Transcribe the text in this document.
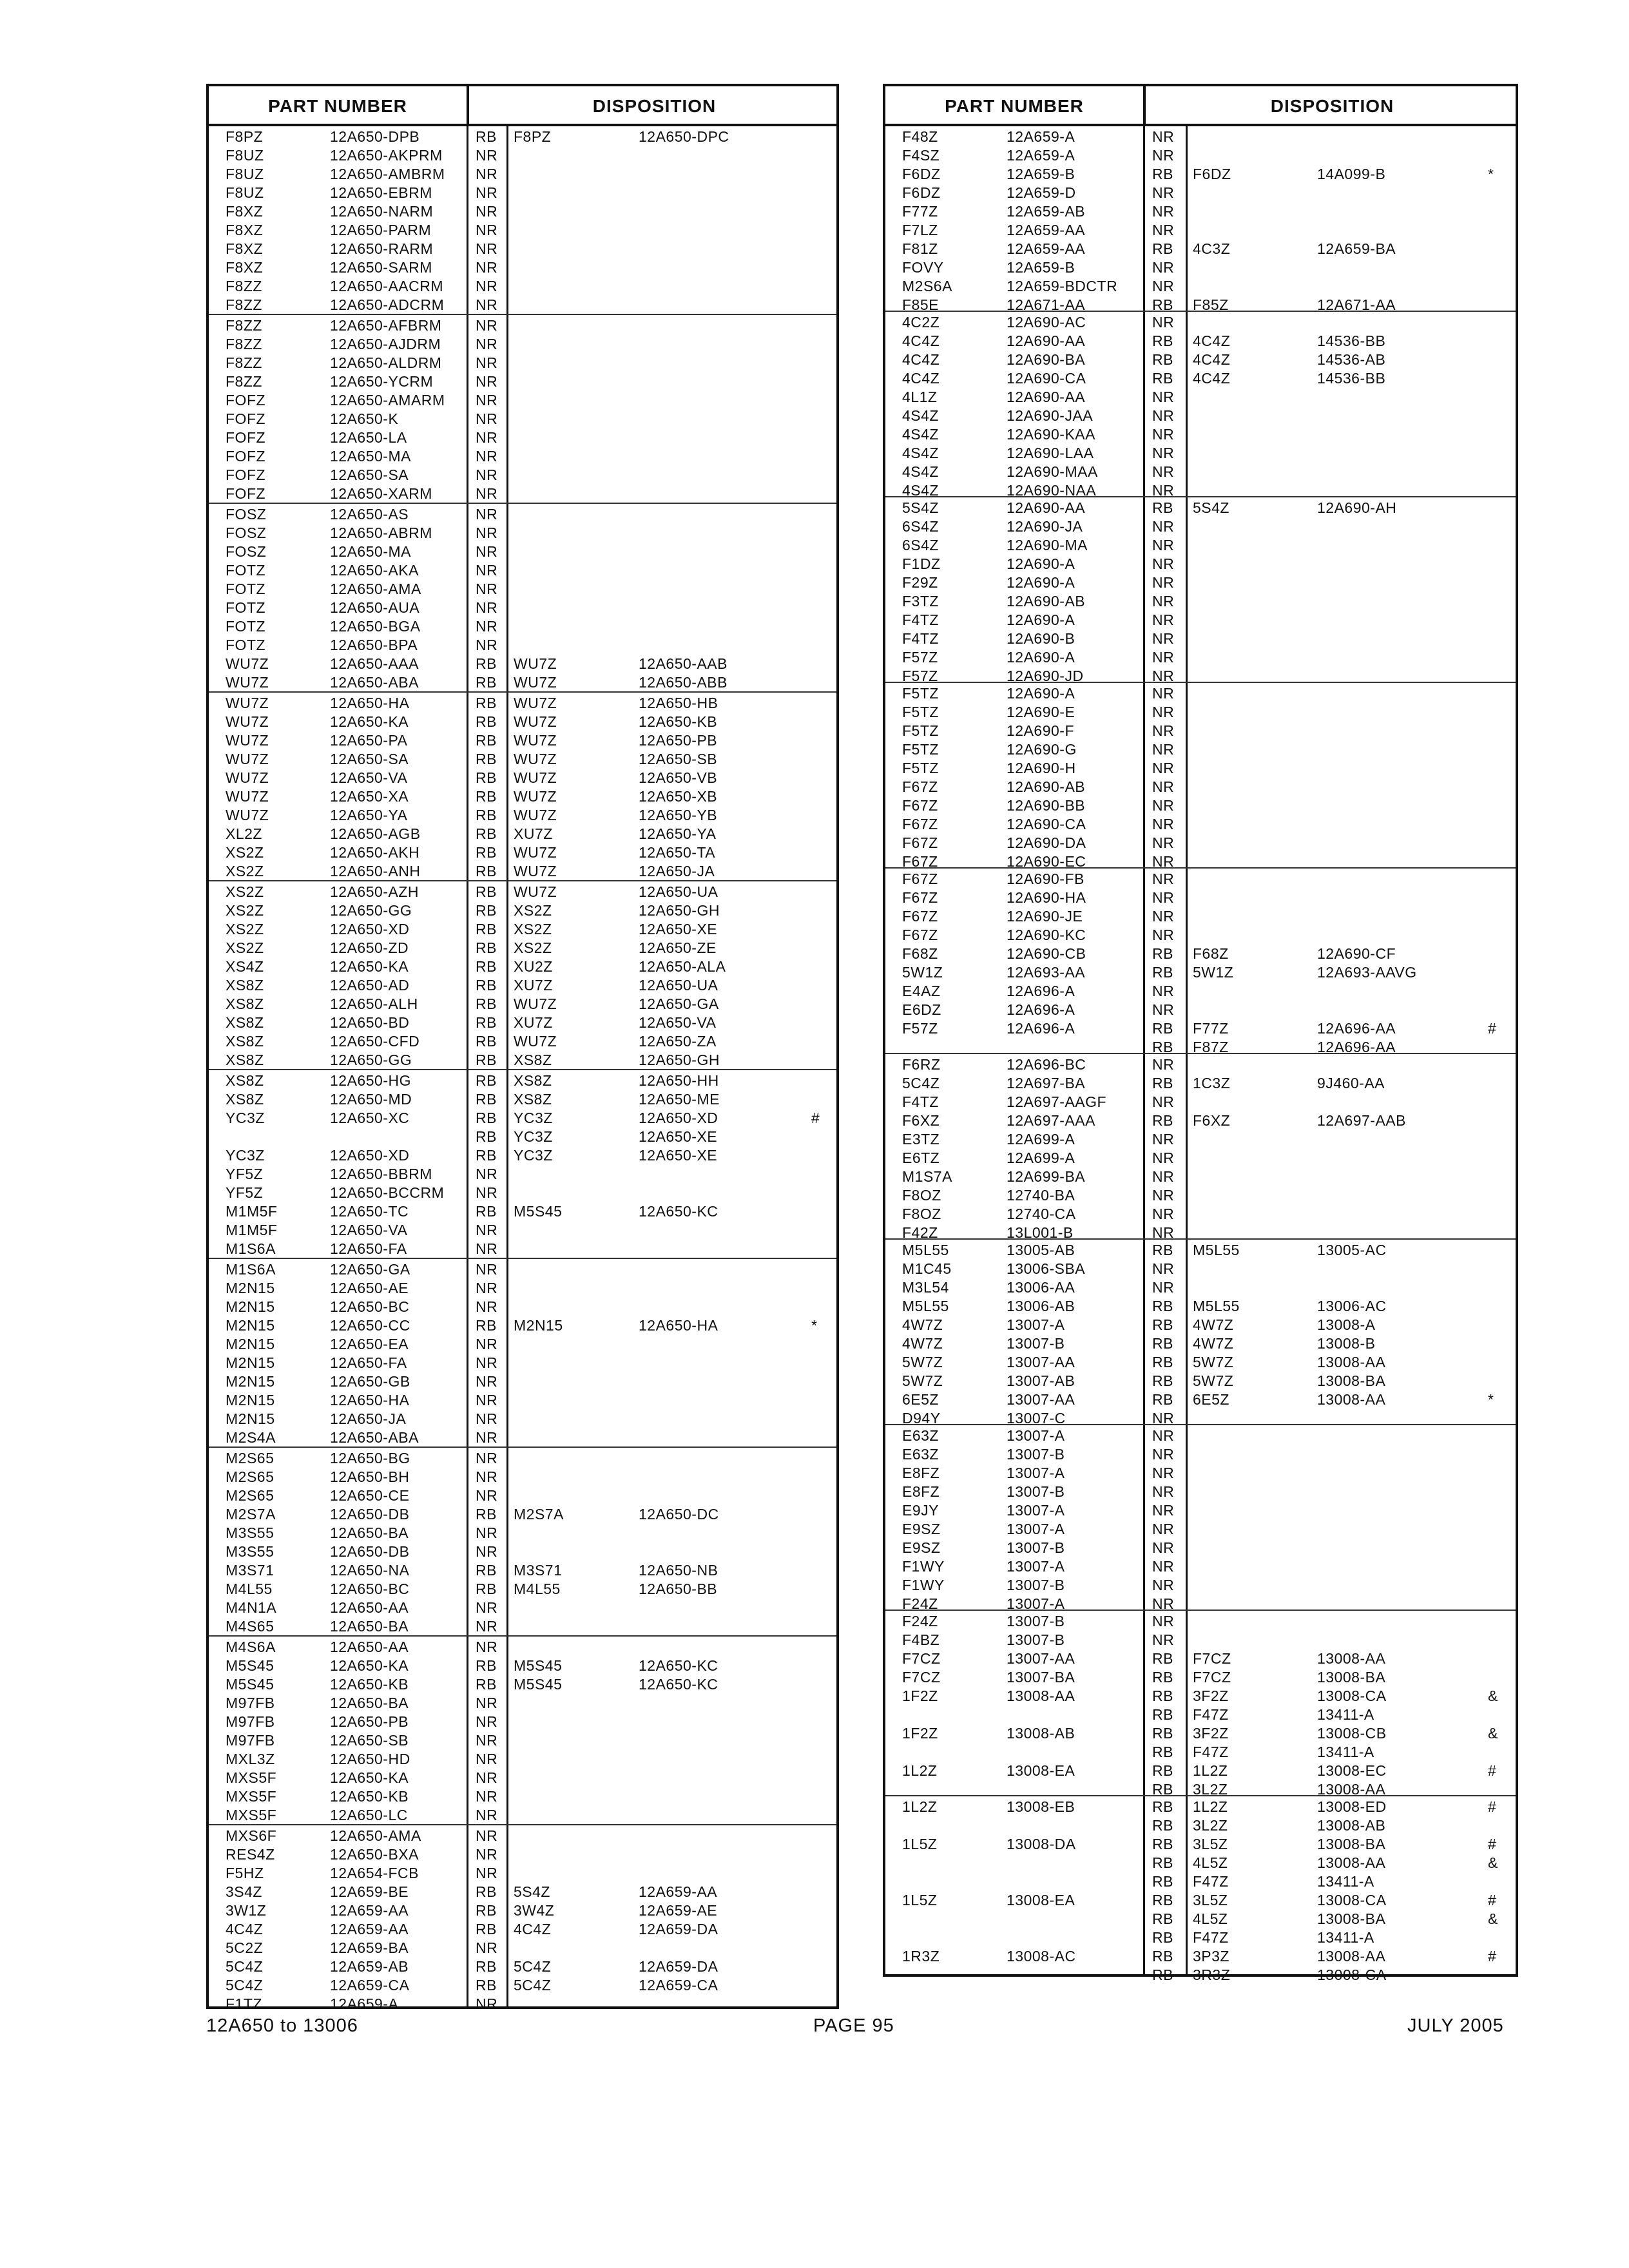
PART NUMBER	DISPOSITION
F8PZ	12A650-DPB	RB F8PZ	12A650-DPC
F8UZ	12A650-AKPRM NR
F8UZ	12A650-AMBRM NR
F8UZ	12A650-EBRM	NR
F8XZ	12A650-NARM	NR
F8XZ	12A650-PARM	NR
F8XZ	12A650-RARM	NR
F8XZ	12A650-SARM	NR
F8ZZ	12A650-AACRM NR
F8ZZ	12A650-ADCRM NR
F8ZZ	12A650-AFBRM NR
F8ZZ	12A650-AJDRM NR
F8ZZ	12A650-ALDRM NR
F8ZZ	12A650-YCRM	NR
FOFZ	12A650-AMARM NR
FOFZ	12A650-K	NR
FOFZ	12A650-LA	NR
FOFZ	12A650-MA	NR
FOFZ	12A650-SA	NR
FOFZ	12A650-XARM	NR
FOSZ	12A650-AS	NR
FOSZ	12A650-ABRM	NR
FOSZ	12A650-MA	NR
FOTZ	12A650-AKA	NR
FOTZ	12A650-AMA	NR
FOTZ	12A650-AUA	NR
FOTZ	12A650-BGA	NR
FOTZ	12A650-BPA	NR
WU7Z	12A650-AAA	RB WU7Z	12A650-AAB
WU7Z	12A650-ABA	RB WU7Z	12A650-ABB
WU7Z	12A650-HA	RB WU7Z	12A650-HB
WU7Z	12A650-KA	RB WU7Z	12A650-KB
WU7Z	12A650-PA	RB WU7Z	12A650-PB
WU7Z	12A650-SA	RB WU7Z	12A650-SB
WU7Z	12A650-VA	RB WU7Z	12A650-VB
WU7Z	12A650-XA	RB WU7Z	12A650-XB
WU7Z	12A650-YA	RB WU7Z	12A650-YB
XL2Z	12A650-AGB	RB XU7Z	12A650-YA
XS2Z	12A650-AKH	RB WU7Z	12A650-TA
XS2Z	12A650-ANH	RB WU7Z	12A650-JA
XS2Z	12A650-AZH	RB WU7Z	12A650-UA
XS2Z	12A650-GG	RB XS2Z	12A650-GH
XS2Z	12A650-XD	RB XS2Z	12A650-XE
XS2Z	12A650-ZD	RB XS2Z	12A650-ZE
XS4Z	12A650-KA	RB XU2Z	12A650-ALA
XS8Z	12A650-AD	RB XU7Z	12A650-UA
XS8Z	12A650-ALH	RB WU7Z	12A650-GA
XS8Z	12A650-BD	RB XU7Z	12A650-VA
XS8Z	12A650-CFD	RB WU7Z	12A650-ZA
XS8Z	12A650-GG	RB XS8Z	12A650-GH
XS8Z	12A650-HG	RB XS8Z	12A650-HH
XS8Z	12A650-MD	RB XS8Z	12A650-ME
YC3Z	12A650-XC	RB YC3Z	12A650-XD	#
RB YC3Z	12A650-XE
YC3Z	12A650-XD	RB YC3Z	12A650-XE
YF5Z	12A650-BBRM	NR
YF5Z	12A650-BCCRM NR
M1M5F	12A650-TC	RB M5S45	12A650-KC
M1M5F	12A650-VA	NR
M1S6A	12A650-FA	NR
M1S6A	12A650-GA	NR
M2N15	12A650-AE	NR
M2N15	12A650-BC	NR
M2N15	12A650-CC	RB M2N15	12A650-HA	*
M2N15	12A650-EA	NR
M2N15	12A650-FA	NR
M2N15	12A650-GB	NR
M2N15	12A650-HA	NR
M2N15	12A650-JA	NR
M2S4A	12A650-ABA	NR
M2S65	12A650-BG	NR
M2S65	12A650-BH	NR
M2S65	12A650-CE	NR
M2S7A	12A650-DB	RB M2S7A	12A650-DC
M3S55	12A650-BA	NR
M3S55	12A650-DB	NR
M3S71	12A650-NA	RB M3S71	12A650-NB
M4L55	12A650-BC	RB M4L55	12A650-BB
M4N1A	12A650-AA	NR
M4S65	12A650-BA	NR
M4S6A	12A650-AA	NR
M5S45	12A650-KA	RB M5S45	12A650-KC
M5S45	12A650-KB	RB M5S45	12A650-KC
M97FB	12A650-BA	NR
M97FB	12A650-PB	NR
M97FB	12A650-SB	NR
MXL3Z	12A650-HD	NR
MXS5F	12A650-KA	NR
MXS5F	12A650-KB	NR
MXS5F	12A650-LC	NR
MXS6F	12A650-AMA	NR
RES4Z	12A650-BXA	NR
F5HZ	12A654-FCB	NR
3S4Z	12A659-BE	RB 5S4Z	12A659-AA
3W1Z	12A659-AA	RB 3W4Z	12A659-AE
4C4Z	12A659-AA	RB 4C4Z	12A659-DA
5C2Z	12A659-BA	NR
5C4Z	12A659-AB	RB 5C4Z	12A659-DA
5C4Z	12A659-CA	RB 5C4Z	12A659-CA
F1TZ	12A659-A	NR
PART NUMBER	DISPOSITION
F48Z	12A659-A	NR
F4SZ	12A659-A	NR
F6DZ	12A659-B	RB F6DZ	14A099-B	*
F6DZ	12A659-D	NR
F77Z	12A659-AB	NR
F7LZ	12A659-AA	NR
F81Z	12A659-AA	RB 4C3Z	12A659-BA
FOVY	12A659-B	NR
M2S6A	12A659-BDCTR NR
F85E	12A671-AA	RB F85Z	12A671-AA
4C2Z	12A690-AC	NR
4C4Z	12A690-AA	RB 4C4Z	14536-BB
4C4Z	12A690-BA	RB 4C4Z	14536-AB
4C4Z	12A690-CA	RB 4C4Z	14536-BB
4L1Z	12A690-AA	NR
4S4Z	12A690-JAA	NR
4S4Z	12A690-KAA	NR
4S4Z	12A690-LAA	NR
4S4Z	12A690-MAA	NR
4S4Z	12A690-NAA	NR
5S4Z	12A690-AA	RB 5S4Z	12A690-AH
6S4Z	12A690-JA	NR
6S4Z	12A690-MA	NR
F1DZ	12A690-A	NR
F29Z	12A690-A	NR
F3TZ	12A690-AB	NR
F4TZ	12A690-A	NR
F4TZ	12A690-B	NR
F57Z	12A690-A	NR
F57Z	12A690-JD	NR
F5TZ	12A690-A	NR
F5TZ	12A690-E	NR
F5TZ	12A690-F	NR
F5TZ	12A690-G	NR
F5TZ	12A690-H	NR
F67Z	12A690-AB	NR
F67Z	12A690-BB	NR
F67Z	12A690-CA	NR
F67Z	12A690-DA	NR
F67Z	12A690-EC	NR
F67Z	12A690-FB	NR
F67Z	12A690-HA	NR
F67Z	12A690-JE	NR
F67Z	12A690-KC	NR
F68Z	12A690-CB	RB F68Z	12A690-CF
5W1Z	12A693-AA	RB 5W1Z	12A693-AAVG
E4AZ	12A696-A	NR
E6DZ	12A696-A	NR
F57Z	12A696-A	RB F77Z	12A696-AA	#
RB F87Z	12A696-AA
F6RZ	12A696-BC	NR
5C4Z	12A697-BA	RB 1C3Z	9J460-AA
F4TZ	12A697-AAGF	NR
F6XZ	12A697-AAA	RB F6XZ	12A697-AAB
E3TZ	12A699-A	NR
E6TZ	12A699-A	NR
M1S7A	12A699-BA	NR
F8OZ	12740-BA	NR
F8OZ	12740-CA	NR
F42Z	13L001-B	NR
M5L55	13005-AB	RB M5L55	13005-AC
M1C45	13006-SBA	NR
M3L54	13006-AA	NR
M5L55	13006-AB	RB M5L55	13006-AC
4W7Z	13007-A	RB 4W7Z	13008-A
4W7Z	13007-B	RB 4W7Z	13008-B
5W7Z	13007-AA	RB 5W7Z	13008-AA
5W7Z	13007-AB	RB 5W7Z	13008-BA
6E5Z	13007-AA	RB 6E5Z	13008-AA	*
D94Y	13007-C	NR
E63Z	13007-A	NR
E63Z	13007-B	NR
E8FZ	13007-A	NR
E8FZ	13007-B	NR
E9JY	13007-A	NR
E9SZ	13007-A	NR
E9SZ	13007-B	NR
F1WY	13007-A	NR
F1WY	13007-B	NR
F24Z	13007-A	NR
F24Z	13007-B	NR
F4BZ	13007-B	NR
F7CZ	13007-AA	RB F7CZ	13008-AA
F7CZ	13007-BA	RB F7CZ	13008-BA
1F2Z	13008-AA	RB 3F2Z	13008-CA	&
RB F47Z	13411-A
1F2Z	13008-AB	RB 3F2Z	13008-CB	&
RB F47Z	13411-A
1L2Z	13008-EA	RB 1L2Z	13008-EC	#
RB 3L2Z	13008-AA
1L2Z	13008-EB	RB 1L2Z	13008-ED	#
RB 3L2Z	13008-AB
1L5Z	13008-DA	RB 3L5Z	13008-BA	#
RB 4L5Z	13008-AA	&
RB F47Z	13411-A
1L5Z	13008-EA	RB 3L5Z	13008-CA	#
RB 4L5Z	13008-BA	&
RB F47Z	13411-A
1R3Z	13008-AC	RB 3P3Z	13008-AA	#
RB 3R3Z	13008-CA
12A650 to 13006	PAGE 95	JULY 2005
